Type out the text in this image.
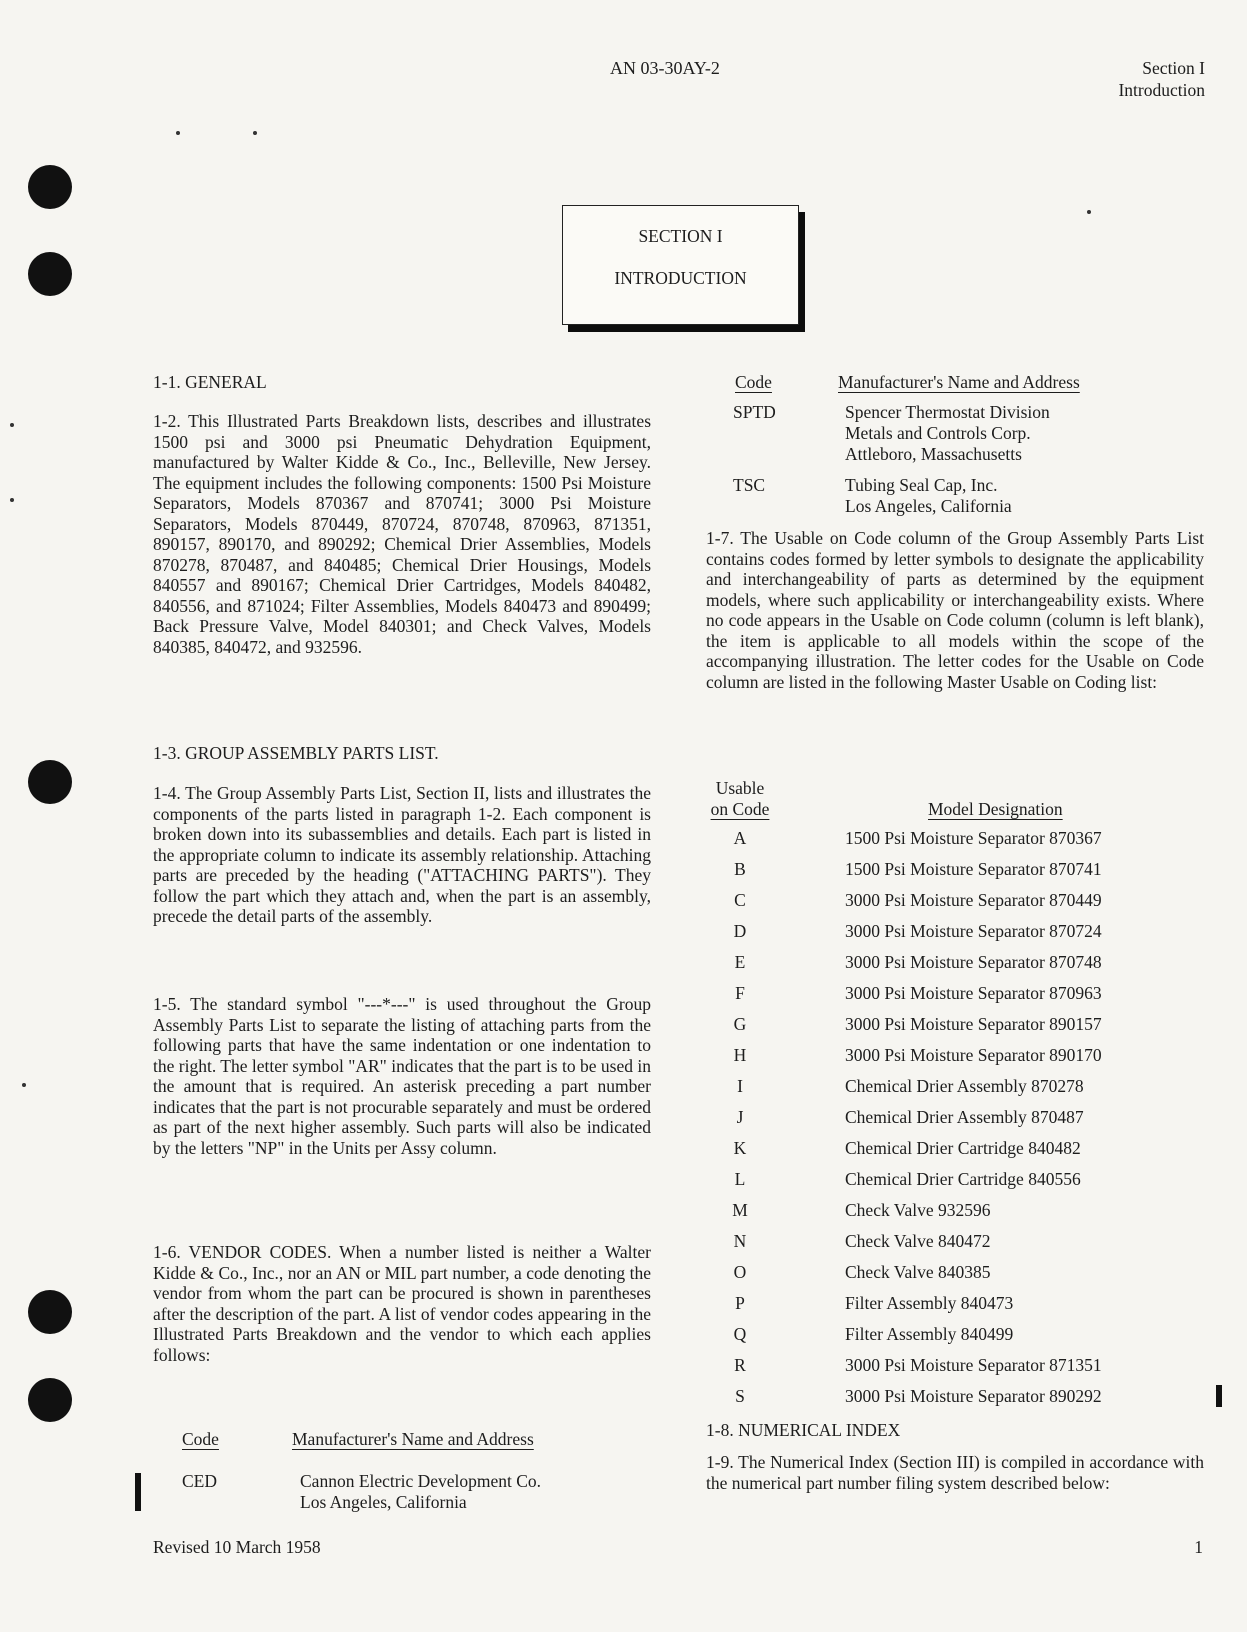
AN 03-30AY-2	Section I
Introduction
SECTION I
INTRODUCTION
1-1. GENERAL

1-2. This Illustrated Parts Breakdown lists, describes and illustrates 1500 psi and 3000 psi Pneumatic Dehydration Equipment, manufactured by Walter Kidde & Co., Inc., Belleville, New Jersey. The equipment includes the following components: 1500 Psi Moisture Separators, Models 870367 and 870741; 3000 Psi Moisture Separators, Models 870449, 870724, 870748, 870963, 871351, 890157, 890170, and 890292; Chemical Drier Assemblies, Models 870278, 870487, and 840485; Chemical Drier Housings, Models 840557 and 890167; Chemical Drier Cartridges, Models 840482, 840556, and 871024; Filter Assemblies, Models 840473 and 890499; Back Pressure Valve, Model 840301; and Check Valves, Models 840385, 840472, and 932596.

1-3. GROUP ASSEMBLY PARTS LIST.

1-4. The Group Assembly Parts List, Section II, lists and illustrates the components of the parts listed in paragraph 1-2. Each component is broken down into its subassemblies and details. Each part is listed in the appropriate column to indicate its assembly relationship. Attaching parts are preceded by the heading ("ATTACHING PARTS"). They follow the part which they attach and, when the part is an assembly, precede the detail parts of the assembly.

1-5. The standard symbol "---*---" is used throughout the Group Assembly Parts List to separate the listing of attaching parts from the following parts that have the same indentation or one indentation to the right. The letter symbol "AR" indicates that the part is to be used in the amount that is required. An asterisk preceding a part number indicates that the part is not procurable separately and must be ordered as part of the next higher assembly. Such parts will also be indicated by the letters "NP" in the Units per Assy column.

1-6. VENDOR CODES. When a number listed is neither a Walter Kidde & Co., Inc., nor an AN or MIL part number, a code denoting the vendor from whom the part can be procured is shown in parentheses after the description of the part. A list of vendor codes appearing in the Illustrated Parts Breakdown and the vendor to which each applies follows:

Code	Manufacturer's Name and Address
CED	Cannon Electric Development Co.
Los Angeles, California
Code	Manufacturer's Name and Address
SPTD	Spencer Thermostat Division
Metals and Controls Corp.
Attleboro, Massachusetts
TSC	Tubing Seal Cap, Inc.
Los Angeles, California

1-7. The Usable on Code column of the Group Assembly Parts List contains codes formed by letter symbols to designate the applicability and interchangeability of parts as determined by the equipment models, where such applicability or interchangeability exists. Where no code appears in the Usable on Code column (column is left blank), the item is applicable to all models within the scope of the accompanying illustration. The letter codes for the Usable on Code column are listed in the following Master Usable on Coding list:

Usable
on Code	Model Designation
A	1500 Psi Moisture Separator 870367
B	1500 Psi Moisture Separator 870741
C	3000 Psi Moisture Separator 870449
D	3000 Psi Moisture Separator 870724
E	3000 Psi Moisture Separator 870748
F	3000 Psi Moisture Separator 870963
G	3000 Psi Moisture Separator 890157
H	3000 Psi Moisture Separator 890170
I	Chemical Drier Assembly 870278
J	Chemical Drier Assembly 870487
K	Chemical Drier Cartridge 840482
L	Chemical Drier Cartridge 840556
M	Check Valve 932596
N	Check Valve 840472
O	Check Valve 840385
P	Filter Assembly 840473
Q	Filter Assembly 840499
R	3000 Psi Moisture Separator 871351
S	3000 Psi Moisture Separator 890292
1-8. NUMERICAL INDEX

1-9. The Numerical Index (Section III) is compiled in accordance with the numerical part number filing system described below:

Revised 10 March 1958	1
